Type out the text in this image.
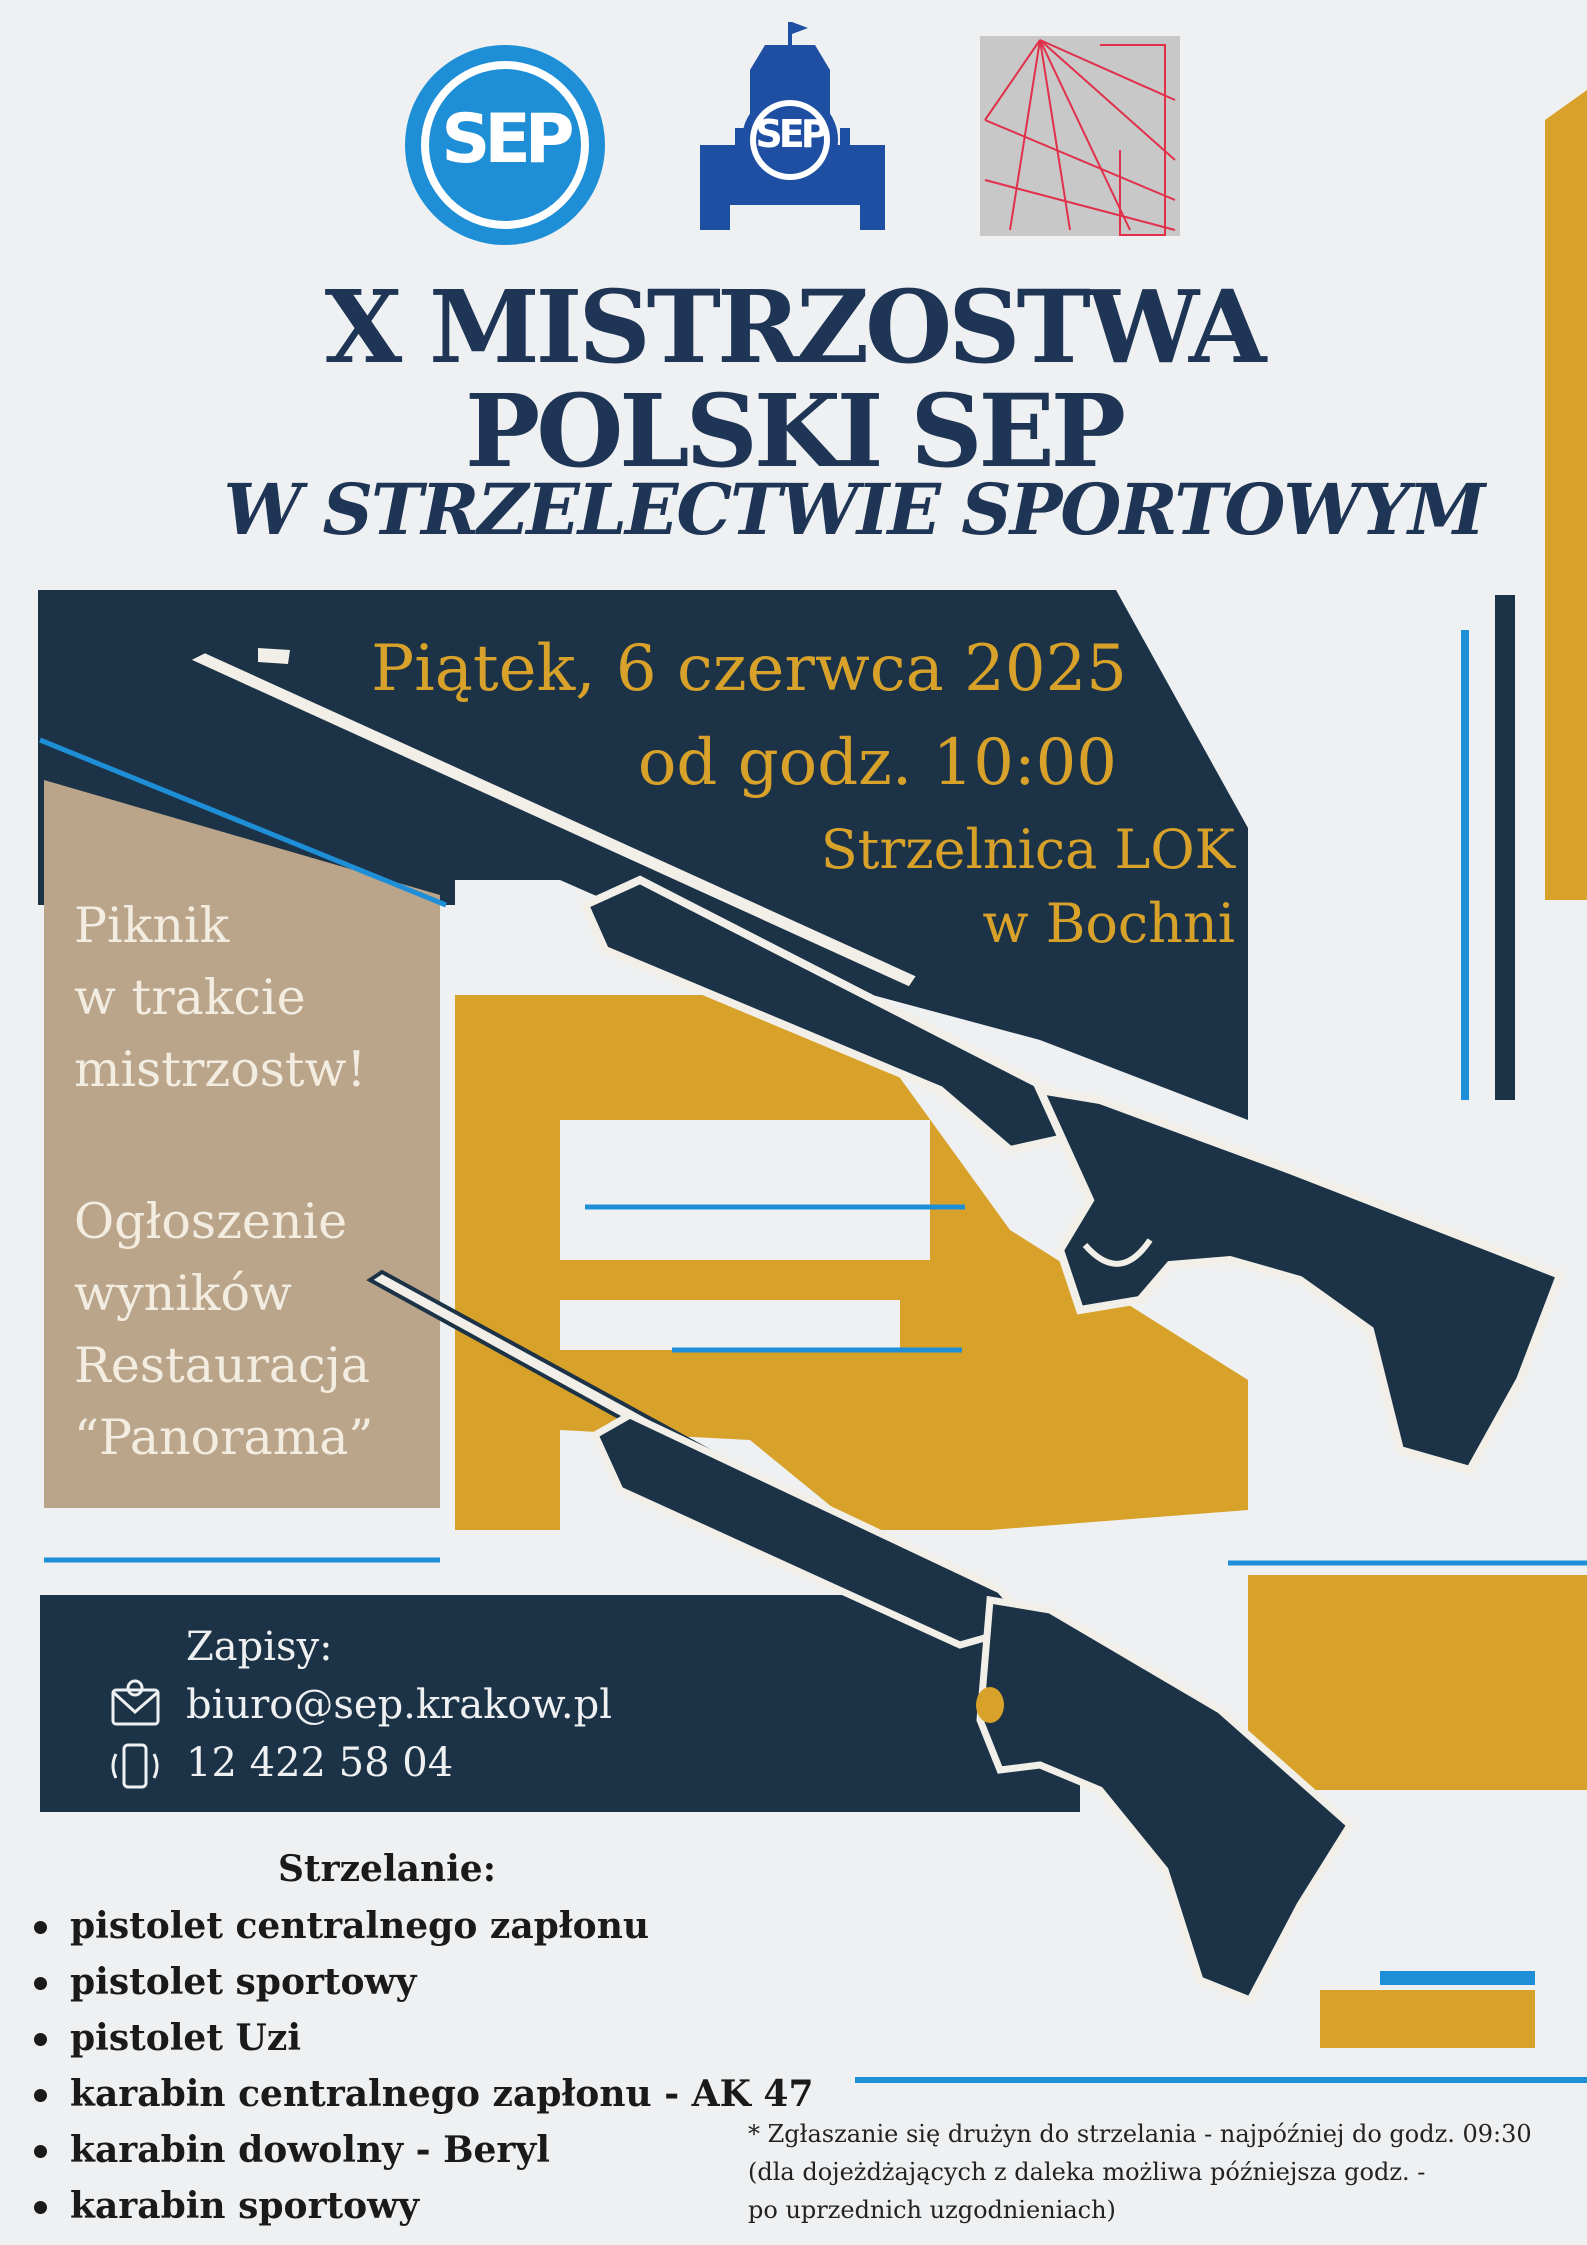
SEP	SEP
X MISTRZOSTWA
POLSKI SEP
W STRZELECTWIE SPORTOWYM
Piątek, 6 czerwca 2025
od godz. 10:00
Strzelnica LOK
w Bochni
Piknik
w trakcie
mistrzostw!
Ogłoszenie
wyników
Restauracja
“Panorama”
Zapisy:
biuro@sep.krakow.pl
12 422 58 04
Strzelanie:
pistolet centralnego zapłonu
pistolet sportowy
pistolet Uzi
karabin centralnego zapłonu - AK 47
karabin dowolny - Beryl
karabin sportowy
* Zgłaszanie się drużyn do strzelania - najpóźniej do godz. 09:30
(dla dojeżdżających z daleka możliwa późniejsza godz. -
po uprzednich uzgodnieniach)
